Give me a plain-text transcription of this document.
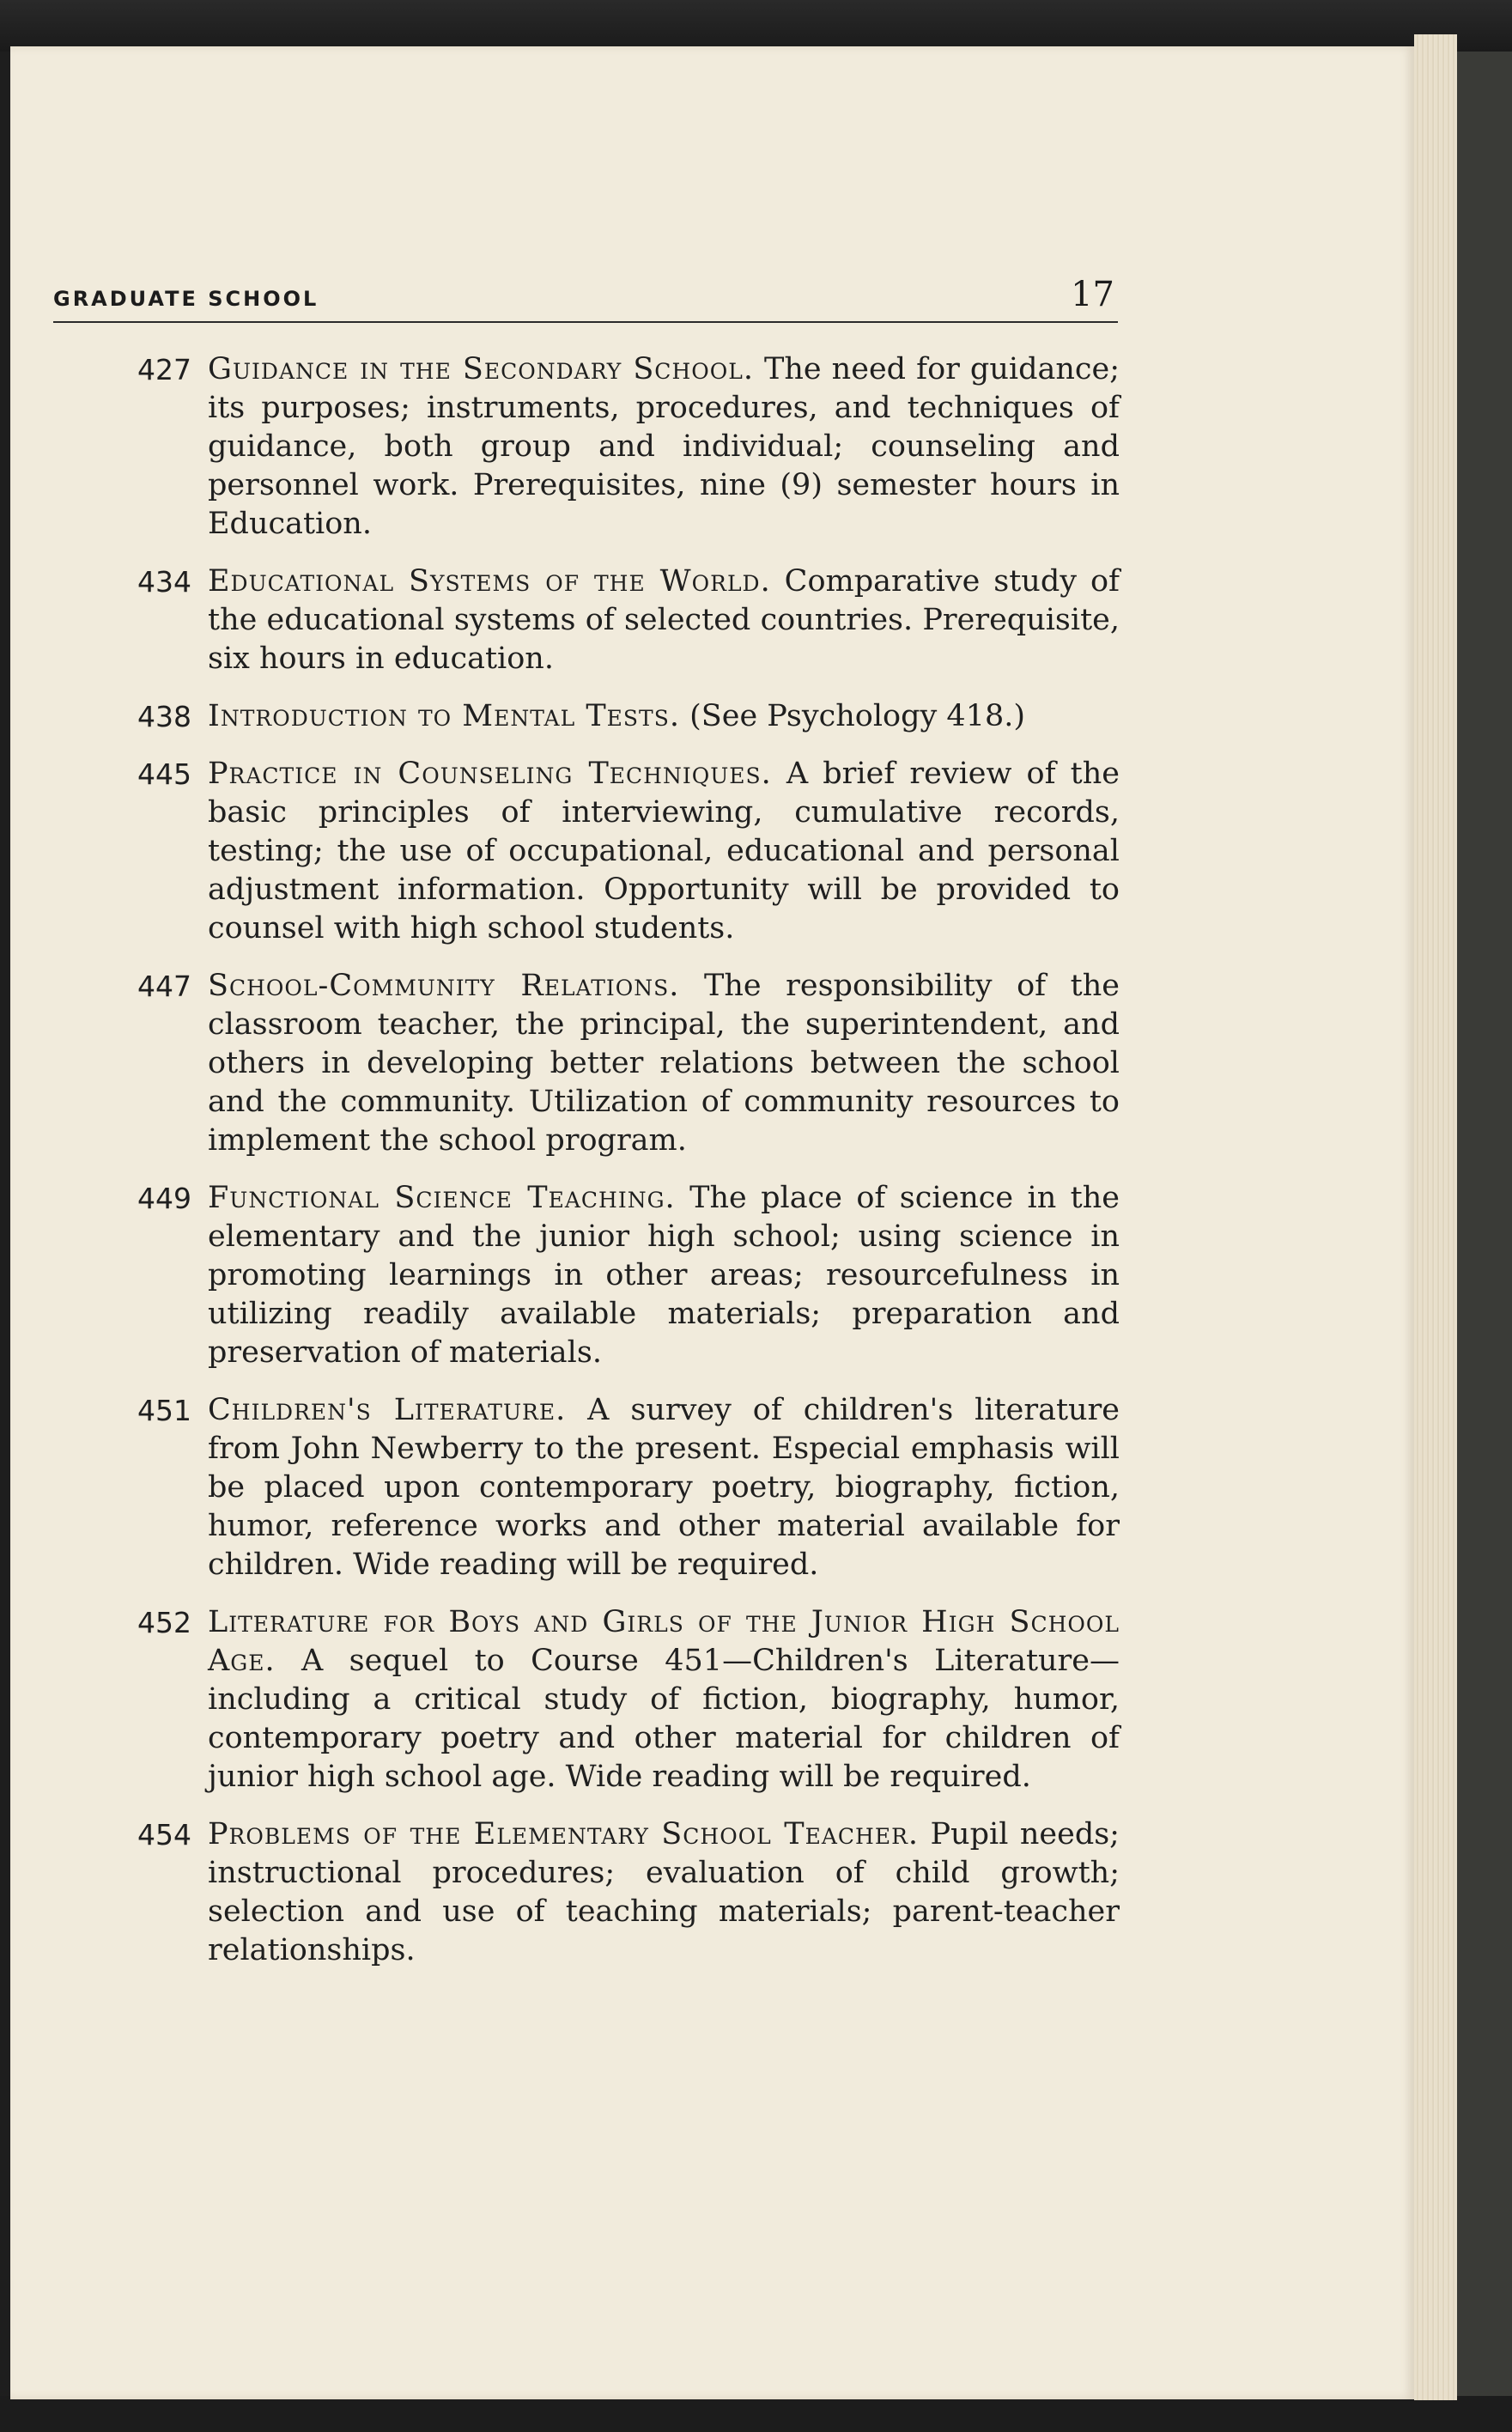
GRADUATE SCHOOL	17
427 Guidance in the Secondary School. The need for guidance; its purposes; instruments, procedures, and techniques of guidance, both group and individual; counseling and personnel work. Prerequisites, nine (9) semester hours in Education.
434 Educational Systems of the World. Comparative study of the educational systems of selected countries. Prerequisite, six hours in education.
438 Introduction to Mental Tests. (See Psychology 418.)
445 Practice in Counseling Techniques. A brief review of the basic principles of interviewing, cumulative records, testing; the use of occupational, educational and personal adjustment information. Opportunity will be provided to counsel with high school students.
447 School-Community Relations. The responsibility of the classroom teacher, the principal, the superintendent, and others in developing better relations between the school and the community. Utilization of community resources to implement the school program.
449 Functional Science Teaching. The place of science in the elementary and the junior high school; using science in promoting learnings in other areas; resourcefulness in utilizing readily available materials; preparation and preservation of materials.
451 Children's Literature. A survey of children's literature from John Newberry to the present. Especial emphasis will be placed upon contemporary poetry, biography, fiction, humor, reference works and other material available for children. Wide reading will be required.
452 Literature for Boys and Girls of the Junior High School Age. A sequel to Course 451—Children's Literature—including a critical study of fiction, biography, humor, contemporary poetry and other material for children of junior high school age. Wide reading will be required.
454 Problems of the Elementary School Teacher. Pupil needs; instructional procedures; evaluation of child growth; selection and use of teaching materials; parent-teacher relationships.
